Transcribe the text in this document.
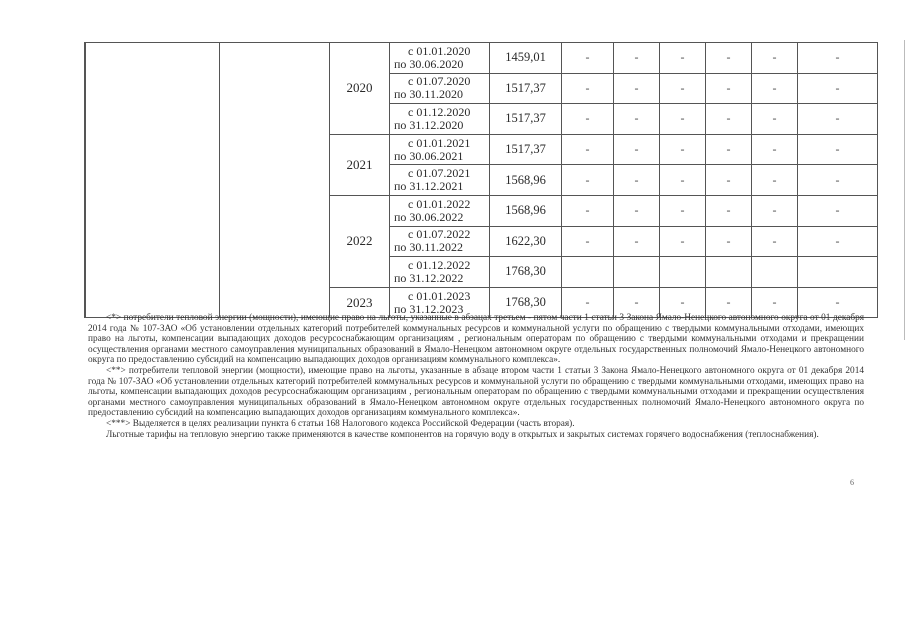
			2020	с 01.01.2020
по 30.06.2020	1459,01	-	-	-	-	-	-

			с 01.07.2020
по 30.11.2020	1517,37	-	-	-	-	-	-

			с 01.12.2020
по 31.12.2020	1517,37	-	-	-	-	-	-
		2021	с 01.01.2021
по 30.06.2021	1517,37	-	-	-	-	-	-

			с 01.07.2021
по 31.12.2021	1568,96	-	-	-	-	-	-
		2022	с 01.01.2022
по 30.06.2022	1568,96	-	-	-	-	-	-

			с 01.07.2022
по 30.11.2022	1622,30	-	-	-	-	-	-

			с 01.12.2022
по 31.12.2022	1768,30						
		2023	с 01.01.2023
по 31.12.2023	1768,30	-	-	-	-	-	-

<*> потребители тепловой энергии (мощности), имеющие право на льготы, указанные в абзацах третьем - пятом части 1 статьи 3 Закона Ямало-Ненецкого автономного округа от 01 декабря 2014 года № 107-ЗАО «Об установлении отдельных категорий потребителей коммунальных ресурсов и коммунальной услуги по обращению с твердыми коммунальными отходами, имеющих право на льготы, компенсации выпадающих доходов ресурсоснабжающим организациям , региональным операторам по обращению с твердыми коммунальными отходами и прекращении осуществления органами местного самоуправления муниципальных образований в Ямало-Ненецком автономном округе отдельных государственных полномочий Ямало-Ненецкого автономного округа по предоставлению субсидий на компенсацию выпадающих доходов организациям коммунального комплекса».

<**> потребители тепловой энергии (мощности), имеющие право на льготы, указанные в абзаце втором части 1 статьи 3 Закона Ямало-Ненецкого автономного округа от 01 декабря 2014 года № 107-ЗАО «Об установлении отдельных категорий потребителей коммунальных ресурсов и коммунальной услуги по обращению с твердыми коммунальными отходами, имеющих право на льготы, компенсации выпадающих доходов ресурсоснабжающим организациям , региональным операторам по обращению с твердыми коммунальными отходами и прекращении осуществления органами местного самоуправления муниципальных образований в Ямало-Ненецком автономном округе отдельных государственных полномочий Ямало-Ненецкого автономного округа по предоставлению субсидий на компенсацию выпадающих доходов организациям коммунального комплекса».

<***> Выделяется в целях реализации пункта 6 статьи 168 Налогового кодекса Российской Федерации (часть вторая).

Льготные тарифы на тепловую энергию также применяются в качестве компонентов на горячую воду в открытых и закрытых системах горячего водоснабжения (теплоснабжения).

6
